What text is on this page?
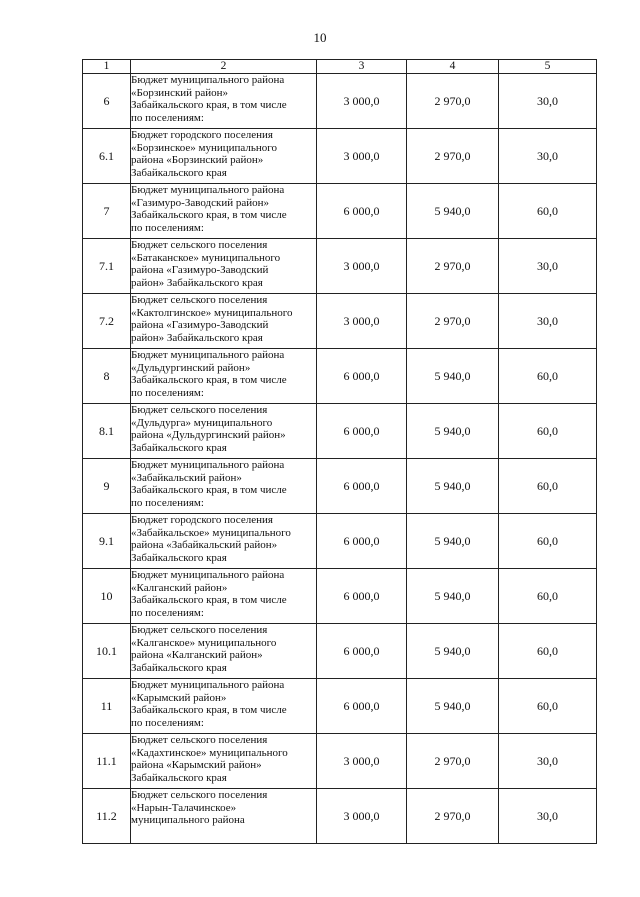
10
1	2	3	4	5
6	Бюджет муниципального района
«Борзинский район»
Забайкальского края, в том числе
по поселениям:	3 000,0	2 970,0	30,0
6.1	Бюджет городского поселения
«Борзинское» муниципального
района «Борзинский район»
Забайкальского края	3 000,0	2 970,0	30,0
7	Бюджет муниципального района
«Газимуро-Заводский район»
Забайкальского края, в том числе
по поселениям:	6 000,0	5 940,0	60,0
7.1	Бюджет сельского поселения
«Батаканское» муниципального
района «Газимуро-Заводский
район» Забайкальского края	3 000,0	2 970,0	30,0
7.2	Бюджет сельского поселения
«Кактолгинское» муниципального
района «Газимуро-Заводский
район» Забайкальского края	3 000,0	2 970,0	30,0
8	Бюджет муниципального района
«Дульдургинский район»
Забайкальского края, в том числе
по поселениям:	6 000,0	5 940,0	60,0
8.1	Бюджет сельского поселения
«Дульдурга» муниципального
района «Дульдургинский район»
Забайкальского края	6 000,0	5 940,0	60,0
9	Бюджет муниципального района
«Забайкальский район»
Забайкальского края, в том числе
по поселениям:	6 000,0	5 940,0	60,0
9.1	Бюджет городского поселения
«Забайкальское» муниципального
района «Забайкальский район»
Забайкальского края	6 000,0	5 940,0	60,0
10	Бюджет муниципального района
«Калганский район»
Забайкальского края, в том числе
по поселениям:	6 000,0	5 940,0	60,0
10.1	Бюджет сельского поселения
«Калганское» муниципального
района «Калганский район»
Забайкальского края	6 000,0	5 940,0	60,0
11	Бюджет муниципального района
«Карымский район»
Забайкальского края, в том числе
по поселениям:	6 000,0	5 940,0	60,0
11.1	Бюджет сельского поселения
«Кадахтинское» муниципального
района «Карымский район»
Забайкальского края	3 000,0	2 970,0	30,0
11.2	Бюджет сельского поселения
«Нарын-Талачинское»
муниципального района	3 000,0	2 970,0	30,0
